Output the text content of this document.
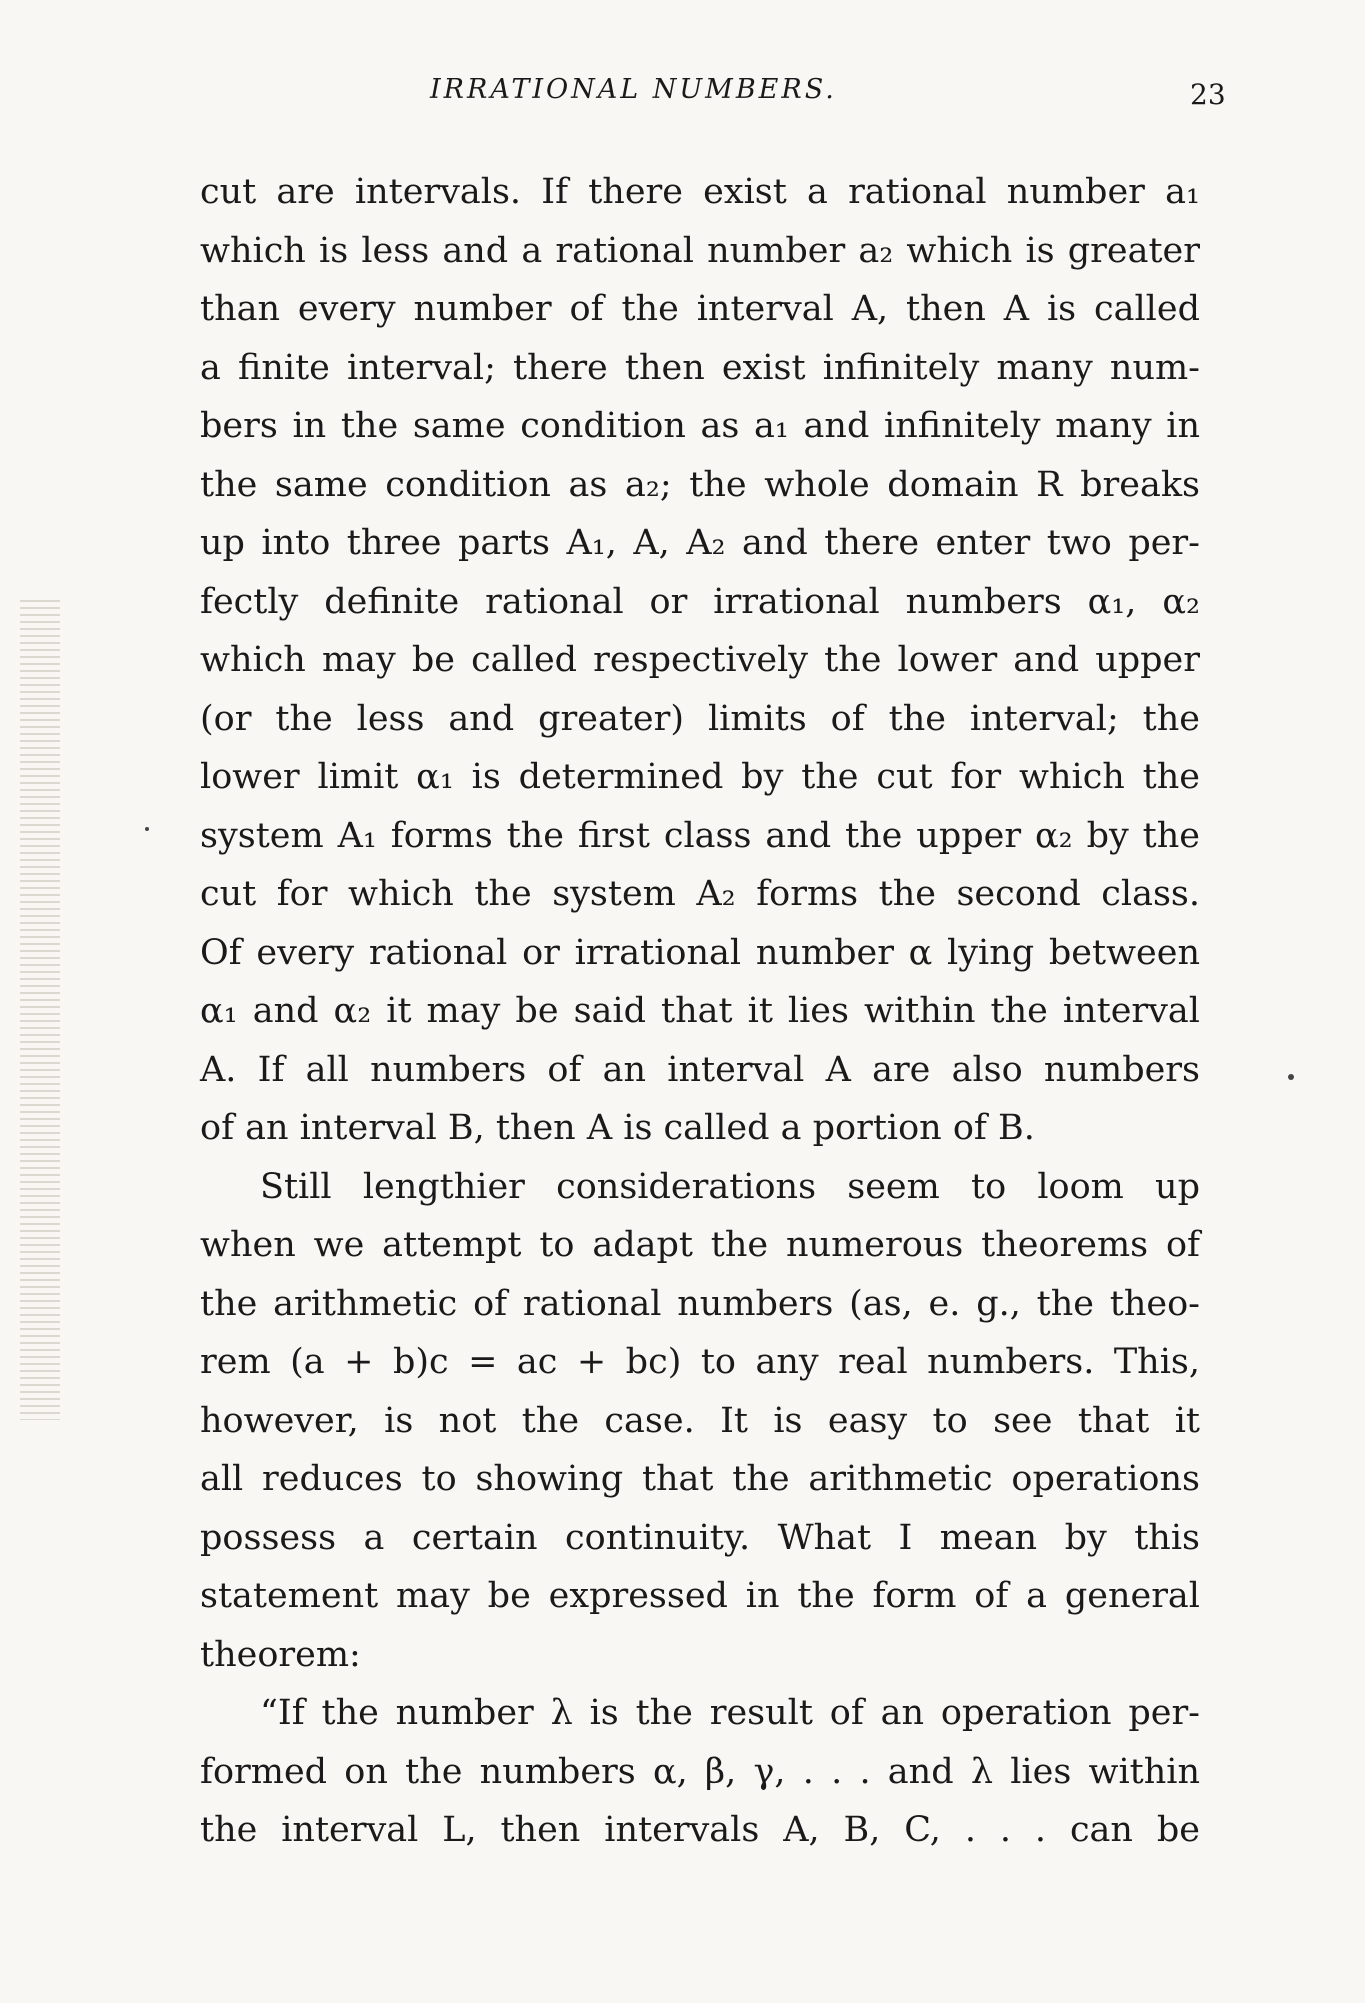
IRRATIONAL NUMBERS.	23
cut are intervals. If there exist a rational number a₁
which is less and a rational number a₂ which is greater
than every number of the interval A, then A is called
a finite interval; there then exist infinitely many num-
bers in the same condition as a₁ and infinitely many in
the same condition as a₂; the whole domain R breaks
up into three parts A₁, A, A₂ and there enter two per-
fectly definite rational or irrational numbers α₁, α₂
which may be called respectively the lower and upper
(or the less and greater) limits of the interval; the
lower limit α₁ is determined by the cut for which the
system A₁ forms the first class and the upper α₂ by the
cut for which the system A₂ forms the second class.
Of every rational or irrational number α lying between
α₁ and α₂ it may be said that it lies within the interval
A. If all numbers of an interval A are also numbers
of an interval B, then A is called a portion of B.
Still lengthier considerations seem to loom up
when we attempt to adapt the numerous theorems of
the arithmetic of rational numbers (as, e. g., the theo-
rem (a + b)c = ac + bc) to any real numbers. This,
however, is not the case. It is easy to see that it
all reduces to showing that the arithmetic operations
possess a certain continuity. What I mean by this
statement may be expressed in the form of a general
theorem:
“If the number λ is the result of an operation per-
formed on the numbers α, β, γ, . . . and λ lies within
the interval L, then intervals A, B, C, . . . can be
